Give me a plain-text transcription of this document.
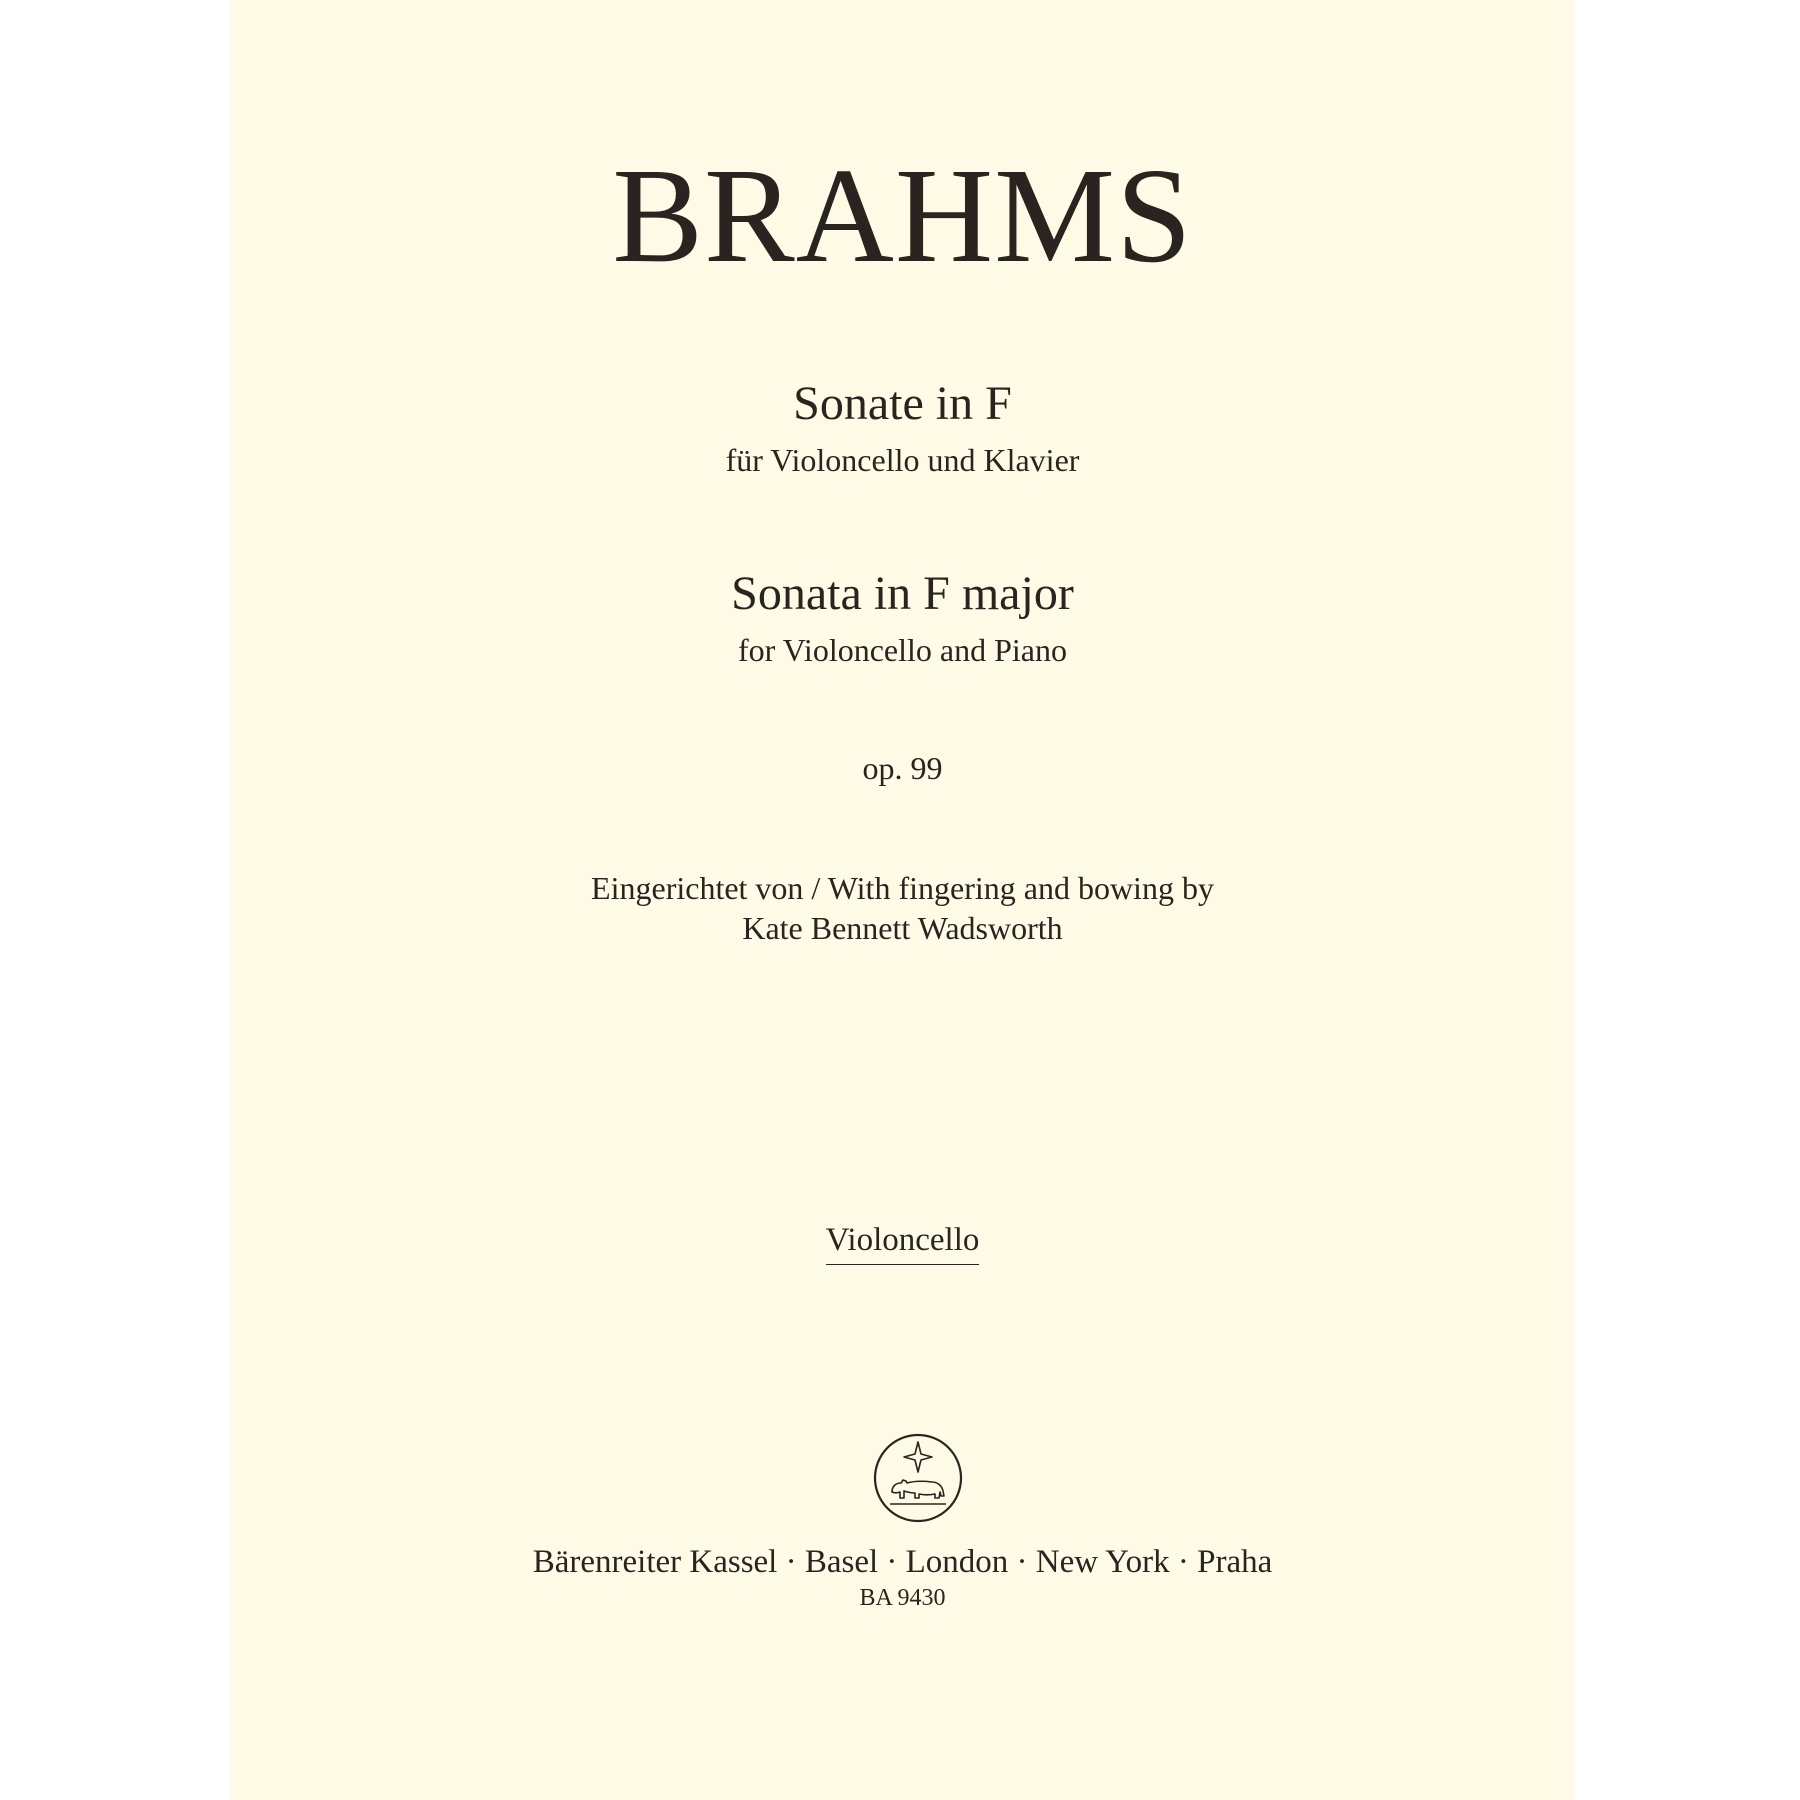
BRAHMS
Sonate in F
für Violoncello und Klavier
Sonata in F major
for Violoncello and Piano
op. 99
Eingerichtet von / With fingering and bowing by
Kate Bennett Wadsworth
Violoncello
Bärenreiter Kassel · Basel · London · New York · Praha
BA 9430
